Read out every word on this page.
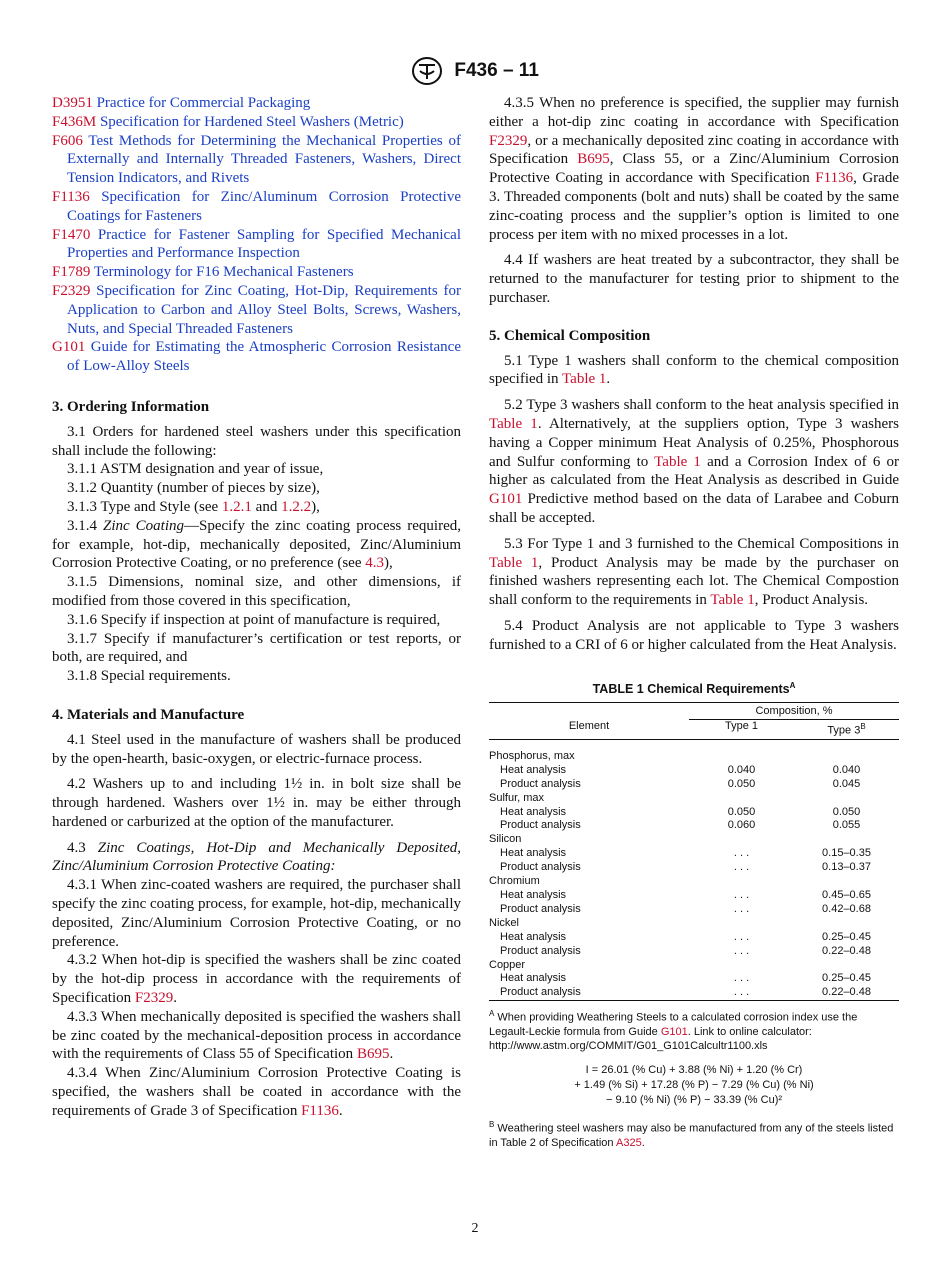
F436 – 11
D3951 Practice for Commercial Packaging
F436M Specification for Hardened Steel Washers (Metric)
F606 Test Methods for Determining the Mechanical Properties of Externally and Internally Threaded Fasteners, Washers, Direct Tension Indicators, and Rivets
F1136 Specification for Zinc/Aluminum Corrosion Protective Coatings for Fasteners
F1470 Practice for Fastener Sampling for Specified Mechanical Properties and Performance Inspection
F1789 Terminology for F16 Mechanical Fasteners
F2329 Specification for Zinc Coating, Hot-Dip, Requirements for Application to Carbon and Alloy Steel Bolts, Screws, Washers, Nuts, and Special Threaded Fasteners
G101 Guide for Estimating the Atmospheric Corrosion Resistance of Low-Alloy Steels
3. Ordering Information

3.1 Orders for hardened steel washers under this specification shall include the following:

3.1.1 ASTM designation and year of issue,

3.1.2 Quantity (number of pieces by size),

3.1.3 Type and Style (see 1.2.1 and 1.2.2),

3.1.4 Zinc Coating—Specify the zinc coating process required, for example, hot-dip, mechanically deposited, Zinc/Aluminium Corrosion Protective Coating, or no preference (see 4.3),

3.1.5 Dimensions, nominal size, and other dimensions, if modified from those covered in this specification,

3.1.6 Specify if inspection at point of manufacture is required,

3.1.7 Specify if manufacturer’s certification or test reports, or both, are required, and

3.1.8 Special requirements.

4. Materials and Manufacture

4.1 Steel used in the manufacture of washers shall be produced by the open-hearth, basic-oxygen, or electric-furnace process.

4.2 Washers up to and including 1½ in. in bolt size shall be through hardened. Washers over 1½ in. may be either through hardened or carburized at the option of the manufacturer.

4.3 Zinc Coatings, Hot-Dip and Mechanically Deposited, Zinc/Aluminium Corrosion Protective Coating:

4.3.1 When zinc-coated washers are required, the purchaser shall specify the zinc coating process, for example, hot-dip, mechanically deposited, Zinc/Aluminium Corrosion Protective Coating, or no preference.

4.3.2 When hot-dip is specified the washers shall be zinc coated by the hot-dip process in accordance with the requirements of Specification F2329.

4.3.3 When mechanically deposited is specified the washers shall be zinc coated by the mechanical-deposition process in accordance with the requirements of Class 55 of Specification B695.

4.3.4 When Zinc/Aluminium Corrosion Protective Coating is specified, the washers shall be coated in accordance with the requirements of Grade 3 of Specification F1136.

4.3.5 When no preference is specified, the supplier may furnish either a hot-dip zinc coating in accordance with Specification F2329, or a mechanically deposited zinc coating in accordance with Specification B695, Class 55, or a Zinc/Aluminium Corrosion Protective Coating in accordance with Specification F1136, Grade 3. Threaded components (bolt and nuts) shall be coated by the same zinc-coating process and the supplier’s option is limited to one process per item with no mixed processes in a lot.

4.4 If washers are heat treated by a subcontractor, they shall be returned to the manufacturer for testing prior to shipment to the purchaser.

5. Chemical Composition

5.1 Type 1 washers shall conform to the chemical composition specified in Table 1.

5.2 Type 3 washers shall conform to the heat analysis specified in Table 1. Alternatively, at the suppliers option, Type 3 washers having a Copper minimum Heat Analysis of 0.25%, Phosphorous and Sulfur conforming to Table 1 and a Corrosion Index of 6 or higher as calculated from the Heat Analysis as described in Guide G101 Predictive method based on the data of Larabee and Coburn shall be accepted.

5.3 For Type 1 and 3 furnished to the Chemical Compositions in Table 1, Product Analysis may be made by the purchaser on finished washers representing each lot. The Chemical Compostion shall conform to the requirements in Table 1, Product Analysis.

5.4 Product Analysis are not applicable to Type 3 washers furnished to a CRI of 6 or higher calculated from the Heat Analysis.

TABLE 1 Chemical Requirements$^A$
	Composition, %	
Element	Type 1	Type $3^B$

Phosphorus, max		
Heat analysis	0.040	0.040
Product analysis	0.050	0.045
Sulfur, max		
Heat analysis	0.050	0.050
Product analysis	0.060	0.055
Silicon		
Heat analysis	. . .	0.15–0.35
Product analysis	. . .	0.13–0.37
Chromium		
Heat analysis	. . .	0.45–0.65
Product analysis	. . .	0.42–0.68
Nickel		
Heat analysis	. . .	0.25–0.45
Product analysis	. . .	0.22–0.48
Copper		
Heat analysis	. . .	0.25–0.45
Product analysis	. . .	0.22–0.48
$^A$ When providing Weathering Steels to a calculated corrosion index use the Legault-Leckie formula from Guide G101. Link to online calculator: http://www.astm.org/COMMIT/G01_G101Calcultr1100.xls
I = 26.01 (% Cu) + 3.88 (% Ni) + 1.20 (% Cr)
+ 1.49 (% Si) + 17.28 (% P) − 7.29 (% Cu) (% Ni)
− 9.10 (% Ni) (% P) − 33.39 (% Cu)²
$^B$ Weathering steel washers may also be manufactured from any of the steels listed in Table 2 of Specification A325.
2
